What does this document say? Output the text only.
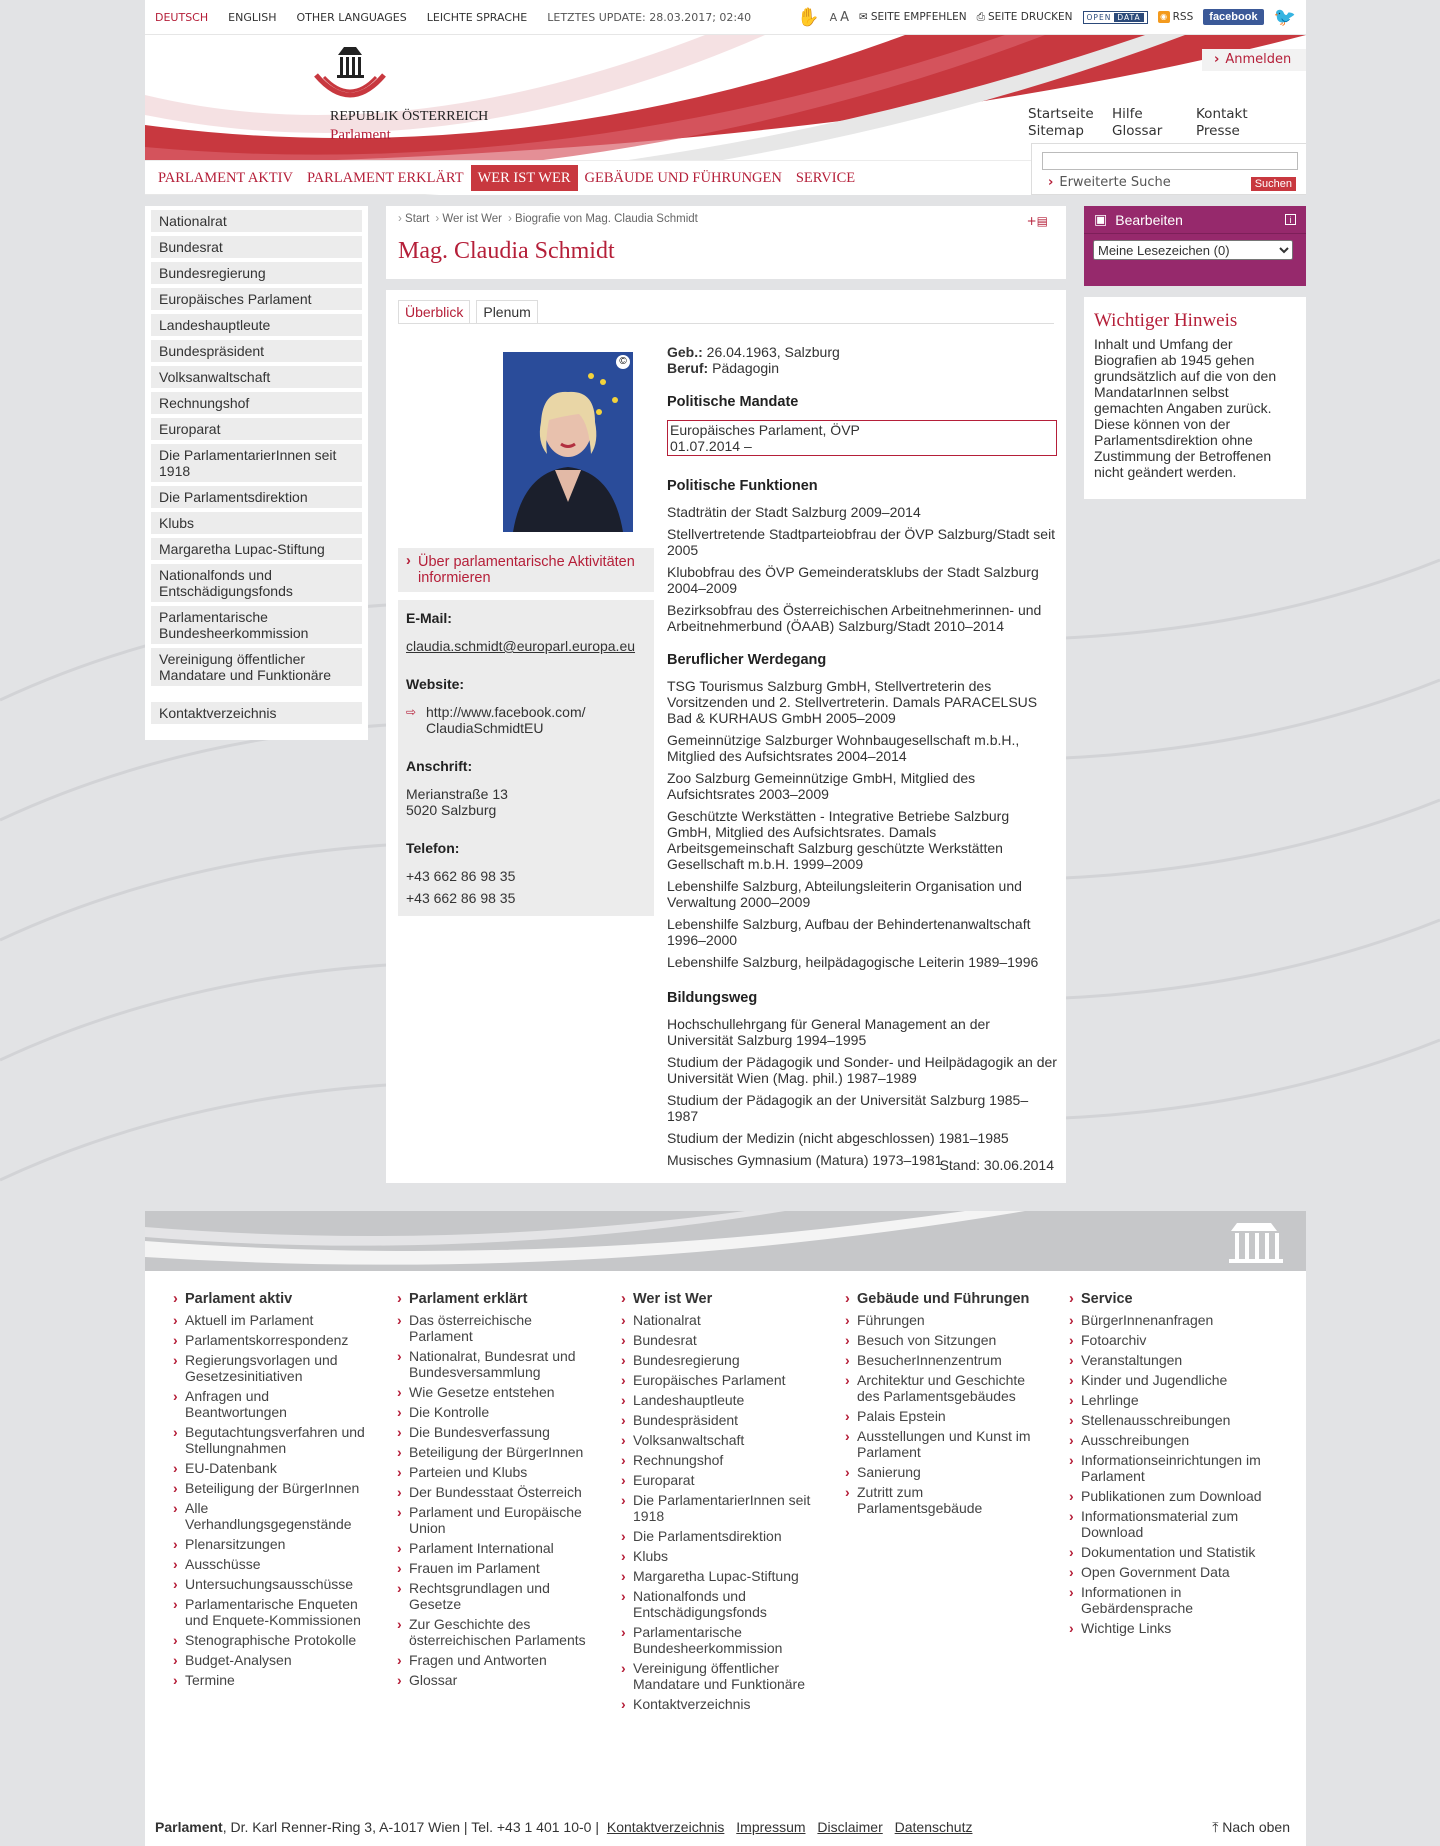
DEUTSCH	ENGLISH	OTHER LANGUAGES	LEICHTE SPRACHE	LETZTES UPDATE: 28.03.2017; 02:40	✋ A A ✉ SEITE EMPFEHLEN ⎙ SEITE DRUCKEN OPEN DATA	◉ RSS	facebook 🐦
REPUBLIK ÖSTERREICH
Parlament
› Anmelden
Startseite	Hilfe	Kontakt
Sitemap	Glossar	Presse
› Erweiterte Suche	Suchen
PARLAMENT AKTIV PARLAMENT ERKLÄRT WER IST WER GEBÄUDE UND FÜHRUNGEN SERVICE
Nationalrat
Bundesrat
Bundesregierung
Europäisches Parlament
Landeshauptleute
Bundespräsident
Volksanwaltschaft
Rechnungshof
Europarat
Die ParlamentarierInnen seit 1918
Die Parlamentsdirektion
Klubs
Margaretha Lupac-Stiftung
Nationalfonds und Entschädigungsfonds
Parlamentarische Bundesheerkommission
Vereinigung öffentlicher Mandatare und Funktionäre
Kontaktverzeichnis
› Start	› Wer ist Wer	› Biografie von Mag. Claudia Schmidt	+▤
Mag. Claudia Schmidt
Überblick	Plenum
©
› Über parlamentarische Aktivitäten informieren
E-Mail:
claudia.schmidt@europarl.europa.eu
Website:
⇨ http://www.facebook.com/ ClaudiaSchmidtEU
Anschrift:
Merianstraße 13
5020 Salzburg
Telefon:
+43 662 86 98 35
+43 662 86 98 35
Geb.: 26.04.1963, Salzburg
Beruf: Pädagogin
Politische Mandate
Europäisches Parlament, ÖVP
01.07.2014 –
Politische Funktionen

Stadträtin der Stadt Salzburg 2009–2014

Stellvertretende Stadtparteiobfrau der ÖVP Salzburg/Stadt seit 2005

Klubobfrau des ÖVP Gemeinderatsklubs der Stadt Salzburg 2004–2009

Bezirksobfrau des Österreichischen Arbeitnehmerinnen- und Arbeitnehmerbund (ÖAAB) Salzburg/Stadt 2010–2014

Beruflicher Werdegang

TSG Tourismus Salzburg GmbH, Stellvertreterin des Vorsitzenden und 2. Stellvertreterin. Damals PARACELSUS Bad & KURHAUS GmbH 2005–2009

Gemeinnützige Salzburger Wohnbaugesellschaft m.b.H., Mitglied des Aufsichtsrates 2004–2014

Zoo Salzburg Gemeinnützige GmbH, Mitglied des Aufsichtsrates 2003–2009

Geschützte Werkstätten - Integrative Betriebe Salzburg GmbH, Mitglied des Aufsichtsrates. Damals Arbeitsgemeinschaft Salzburg geschützte Werkstätten Gesellschaft m.b.H. 1999–2009

Lebenshilfe Salzburg, Abteilungsleiterin Organisation und Verwaltung 2000–2009

Lebenshilfe Salzburg, Aufbau der Behindertenanwaltschaft 1996–2000

Lebenshilfe Salzburg, heilpädagogische Leiterin 1989–1996

Bildungsweg

Hochschullehrgang für General Management an der Universität Salzburg 1994–1995

Studium der Pädagogik und Sonder- und Heilpädagogik an der Universität Wien (Mag. phil.) 1987–1989

Studium der Pädagogik an der Universität Salzburg 1985–1987

Studium der Medizin (nicht abgeschlossen) 1981–1985

Musisches Gymnasium (Matura) 1973–1981

Stand: 30.06.2014
▣ Bearbeiten	i
Meine Lesezeichen (0)
Wichtiger Hinweis

Inhalt und Umfang der Biografien ab 1945 gehen grundsätzlich auf die von den MandatarInnen selbst gemachten Angaben zurück. Diese können von der Parlamentsdirektion ohne Zustimmung der Betroffenen nicht geändert werden.

› Parlament aktiv
› Aktuell im Parlament
› Parlamentskorrespondenz
› Regierungsvorlagen und Gesetzesinitiativen
› Anfragen und Beantwortungen
› Begutachtungsverfahren und Stellungnahmen
› EU-Datenbank
› Beteiligung der BürgerInnen
› Alle Verhandlungsgegenstände
› Plenarsitzungen
› Ausschüsse
› Untersuchungsausschüsse
› Parlamentarische Enqueten und Enquete-Kommissionen
› Stenographische Protokolle
› Budget-Analysen
› Termine
› Parlament erklärt
› Das österreichische Parlament
› Nationalrat, Bundesrat und Bundesversammlung
› Wie Gesetze entstehen
› Die Kontrolle
› Die Bundesverfassung
› Beteiligung der BürgerInnen
› Parteien und Klubs
› Der Bundesstaat Österreich
› Parlament und Europäische Union
› Parlament International
› Frauen im Parlament
› Rechtsgrundlagen und Gesetze
› Zur Geschichte des österreichischen Parlaments
› Fragen und Antworten
› Glossar
› Wer ist Wer
› Nationalrat
› Bundesrat
› Bundesregierung
› Europäisches Parlament
› Landeshauptleute
› Bundespräsident
› Volksanwaltschaft
› Rechnungshof
› Europarat
› Die ParlamentarierInnen seit 1918
› Die Parlamentsdirektion
› Klubs
› Margaretha Lupac-Stiftung
› Nationalfonds und Entschädigungsfonds
› Parlamentarische Bundesheerkommission
› Vereinigung öffentlicher Mandatare und Funktionäre
› Kontaktverzeichnis
› Gebäude und Führungen
› Führungen
› Besuch von Sitzungen
› BesucherInnenzentrum
› Architektur und Geschichte des Parlamentsgebäudes
› Palais Epstein
› Ausstellungen und Kunst im Parlament
› Sanierung
› Zutritt zum Parlamentsgebäude
› Service
› BürgerInnenanfragen
› Fotoarchiv
› Veranstaltungen
› Kinder und Jugendliche
› Lehrlinge
› Stellenausschreibungen
› Ausschreibungen
› Informationseinrichtungen im Parlament
› Publikationen zum Download
› Informationsmaterial zum Download
› Dokumentation und Statistik
› Open Government Data
› Informationen in Gebärdensprache
› Wichtige Links
Parlament, Dr. Karl Renner-Ring 3, A-1017 Wien | Tel. +43 1 401 10-0 | Kontaktverzeichnis Impressum Disclaimer Datenschutz	⤒ Nach oben
